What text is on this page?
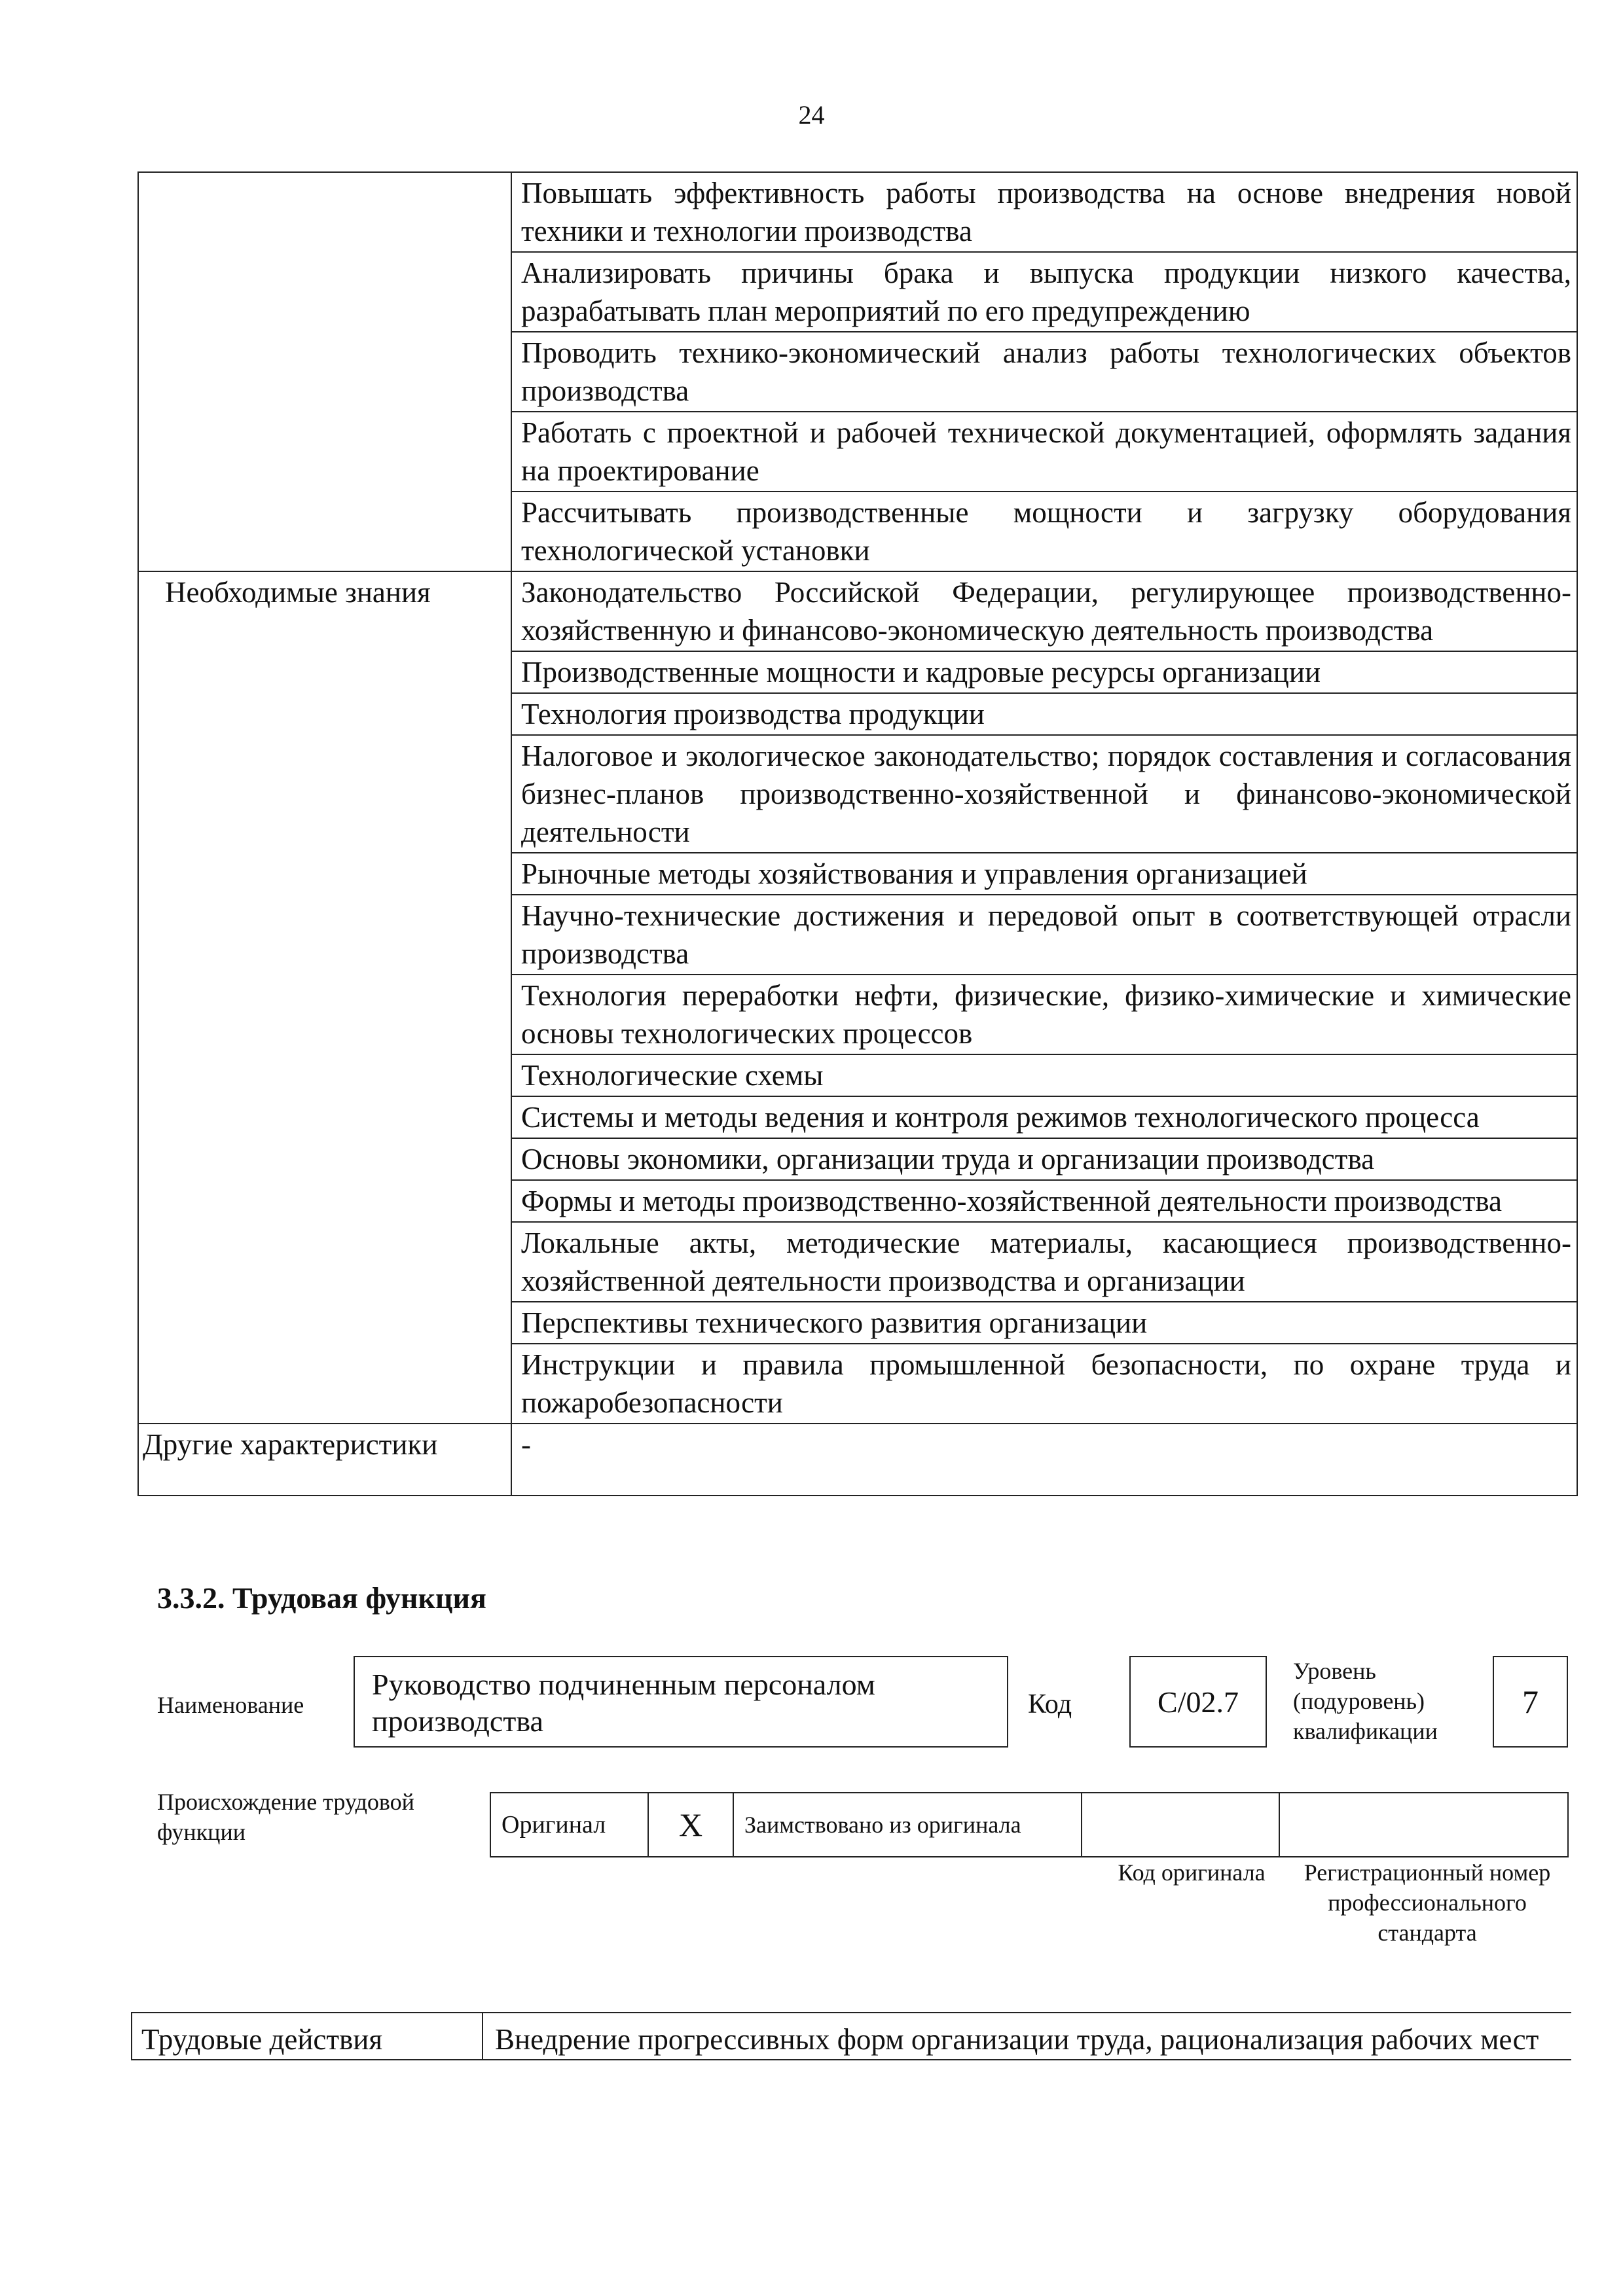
24
	Повышать эффективность работы производства на основе внедрения новой техники и технологии производства
	Анализировать причины брака и выпуска продукции низкого качества, разрабатывать план мероприятий по его предупреждению
	Проводить технико-экономический анализ работы технологических объектов производства
	Работать с проектной и рабочей технической документацией, оформлять задания на проектирование
	Рассчитывать производственные мощности и загрузку оборудования технологической установки
Необходимые знания	Законодательство Российской Федерации, регулирующее производственно-хозяйственную и финансово-экономическую деятельность производства
	Производственные мощности и кадровые ресурсы организации
	Технология производства продукции
	Налоговое и экологическое законодательство; порядок составления и согласования бизнес-планов производственно-хозяйственной и финансово-экономической деятельности
	Рыночные методы хозяйствования и управления организацией
	Научно-технические достижения и передовой опыт в соответствующей отрасли производства
	Технология переработки нефти, физические, физико-химические и химические основы технологических процессов
	Технологические схемы
	Системы и методы ведения и контроля режимов технологического процесса
	Основы экономики, организации труда и организации производства
	Формы и методы производственно-хозяйственной деятельности производства
	Локальные акты, методические материалы, касающиеся производственно-хозяйственной деятельности производства и организации
	Перспективы технического развития организации
	Инструкции и правила промышленной безопасности, по охране труда и пожаробезопасности
Другие характеристики	-
3.3.2. Трудовая функция
Наименование
Руководство подчиненным персоналом производства	Код	С/02.7
Уровень (подуровень) квалификации
7
Происхождение трудовой функции	Оригинал	X	Заимствовано из оригинала		
Код оригинала	Регистрационный номер профессионального стандарта
Трудовые действия	Внедрение прогрессивных форм организации труда, рационализация рабочих мест
